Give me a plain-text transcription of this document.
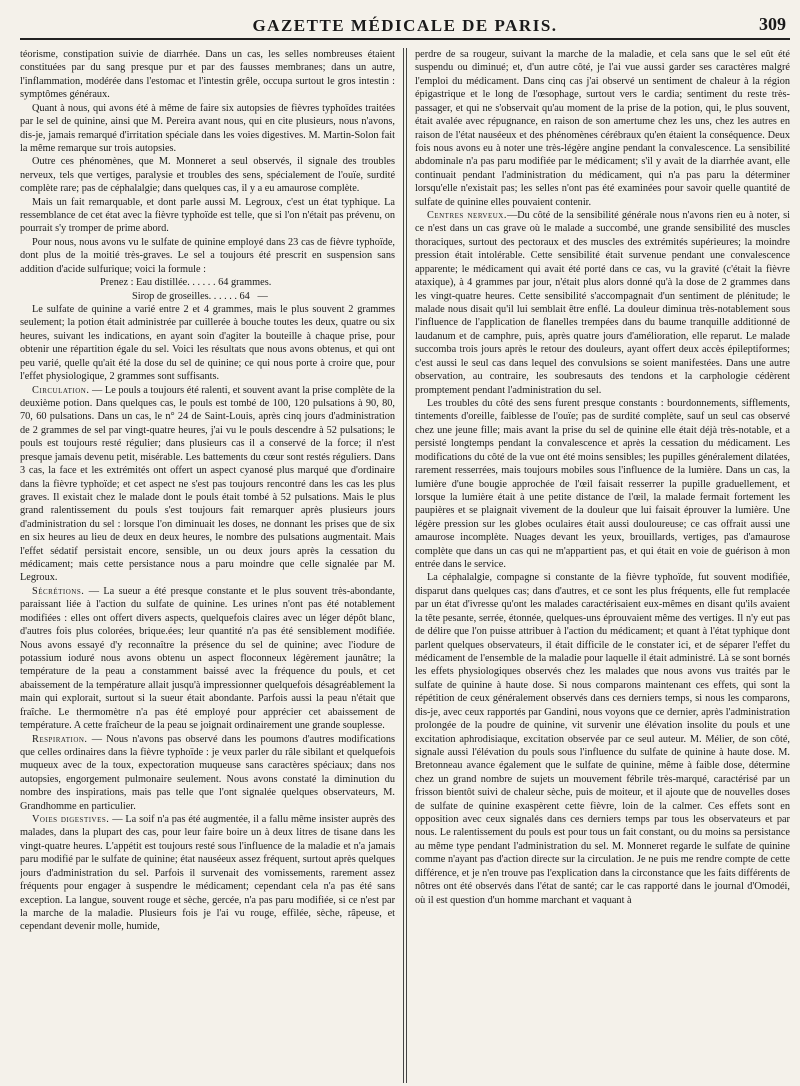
GAZETTE MÉDICALE DE PARIS.	309

téorisme, constipation suivie de diarrhée. Dans un cas, les selles nombreuses étaient constituées par du sang presque pur et par des fausses membranes; dans un autre, l'inflammation, modérée dans l'estomac et l'intestin grêle, occupa surtout le gros intestin : symptômes généraux.

Quant à nous, qui avons été à même de faire six autopsies de fièvres typhoïdes traitées par le sel de quinine, ainsi que M. Pereira avant nous, qui en cite plusieurs, nous n'avons, dis-je, jamais remarqué d'irritation spéciale dans les voies digestives. M. Martin-Solon fait la même remarque sur trois autopsies.

Outre ces phénomènes, que M. Monneret a seul observés, il signale des troubles nerveux, tels que vertiges, paralysie et troubles des sens, spécialement de l'ouïe, surdité complète rare; pas de céphalalgie; dans quelques cas, il y a eu amaurose complète.

Mais un fait remarquable, et dont parle aussi M. Legroux, c'est un état typhique. La ressemblance de cet état avec la fièvre typhoïde est telle, que si l'on n'était pas prévenu, on pourrait s'y tromper de prime abord.

Pour nous, nous avons vu le sulfate de quinine employé dans 23 cas de fièvre typhoïde, dont plus de la moitié très-graves. Le sel a toujours été prescrit en suspension sans addition d'acide sulfurique; voici la formule :

Prenez : Eau distillée. . . . . . 64 grammes.

Sirop de groseilles. . . . . . 64   —

Le sulfate de quinine a varié entre 2 et 4 grammes, mais le plus souvent 2 grammes seulement; la potion était administrée par cuillerée à bouche toutes les deux, quatre ou six heures, suivant les indications, en ayant soin d'agiter la bouteille à chaque prise, pour obtenir une répartition égale du sel. Voici les résultats que nous avons obtenus, et qui ont peu varié, quelle qu'ait été la dose du sel de quinine; ce qui nous porte à croire que, pour l'effet physiologique, 2 grammes sont suffisants.

Circulation. — Le pouls a toujours été ralenti, et souvent avant la prise complète de la deuxième potion. Dans quelques cas, le pouls est tombé de 100, 120 pulsations à 90, 80, 70, 60 pulsations. Dans un cas, le n° 24 de Saint-Louis, après cinq jours d'administration de 2 grammes de sel par vingt-quatre heures, j'ai vu le pouls descendre à 52 pulsations; le pouls est toujours resté régulier; dans plusieurs cas il a conservé de la force; il n'est presque jamais devenu petit, misérable. Les battements du cœur sont restés réguliers. Dans 3 cas, la face et les extrémités ont offert un aspect cyanosé plus marqué que d'ordinaire dans la fièvre typhoïde; et cet aspect ne s'est pas toujours rencontré dans les cas les plus graves. Il existait chez le malade dont le pouls était tombé à 52 pulsations. Mais le plus grand ralentissement du pouls s'est toujours fait remarquer après plusieurs jours d'administration du sel : lorsque l'on diminuait les doses, ne donnant les prises que de six en six heures au lieu de deux en deux heures, le nombre des pulsations augmentait. Mais l'effet sédatif persistait encore, sensible, un ou deux jours après la cessation du médicament; mais cette persistance nous a paru moindre que celle signalée par M. Legroux.

Sécrétions. — La sueur a été presque constante et le plus souvent très-abondante, paraissant liée à l'action du sulfate de quinine. Les urines n'ont pas été notablement modifiées : elles ont offert divers aspects, quelquefois claires avec un léger dépôt blanc, d'autres fois plus colorées, brique.ées; leur quantité n'a pas été sensiblement modifiée. Nous avons essayé d'y reconnaître la présence du sel de quinine; avec l'iodure de potassium ioduré nous avons obtenu un aspect floconneux légèrement jaunâtre; la température de la peau a constamment baissé avec la fréquence du pouls, et cet abaissement de la température allait jusqu'à impressionner quelquefois désagréablement la main qui explorait, surtout si la sueur était abondante. Parfois aussi la peau n'était que fraîche. Le thermomètre n'a pas été employé pour apprécier cet abaissement de température. A cette fraîcheur de la peau se joignait ordinairement une grande souplesse.

Respiration. — Nous n'avons pas observé dans les poumons d'autres modifications que celles ordinaires dans la fièvre typhoïde : je veux parler du râle sibilant et quelquefois muqueux avec de la toux, expectoration muqueuse sans caractères spéciaux; dans nos autopsies, engorgement pulmonaire seulement. Nous avons constaté la diminution du nombre des inspirations, mais pas telle que l'ont signalée quelques observateurs, M. Grandhomme en particulier.

Voies digestives. — La soif n'a pas été augmentée, il a fallu même insister auprès des malades, dans la plupart des cas, pour leur faire boire un à deux litres de tisane dans les vingt-quatre heures. L'appétit est toujours resté sous l'influence de la maladie et n'a jamais paru modifié par le sulfate de quinine; état nauséeux assez fréquent, surtout après quelques jours d'administration du sel. Parfois il survenait des vomissements, rarement assez fréquents pour engager à suspendre le médicament; cependant cela n'a pas été sans exception. La langue, souvent rouge et sèche, gercée, n'a pas paru modifiée, si ce n'est par la marche de la maladie. Plusieurs fois je l'ai vu rouge, effilée, sèche, râpeuse, et cependant devenir molle, humide,

perdre de sa rougeur, suivant la marche de la maladie, et cela sans que le sel eût été suspendu ou diminué; et, d'un autre côté, je l'ai vue aussi garder ses caractères malgré l'emploi du médicament. Dans cinq cas j'ai observé un sentiment de chaleur à la région épigastrique et le long de l'œsophage, surtout vers le cardia; sentiment du reste très-passager, et qui ne s'observait qu'au moment de la prise de la potion, qui, le plus souvent, était avalée avec répugnance, en raison de son amertume chez les uns, chez les autres en raison de l'état nauséeux et des phénomènes cérébraux qu'en étaient la conséquence. Deux fois nous avons eu à noter une très-légère angine pendant la convalescence. La sensibilité abdominale n'a pas paru modifiée par le médicament; s'il y avait de la diarrhée avant, elle continuait pendant l'administration du médicament, qui n'a pas paru la déterminer lorsqu'elle n'existait pas; les selles n'ont pas été examinées pour savoir quelle quantité de sulfate de quinine elles pouvaient contenir.

Centres nerveux.—Du côté de la sensibilité générale nous n'avons rien eu à noter, si ce n'est dans un cas grave où le malade a succombé, une grande sensibilité des muscles thoraciques, surtout des pectoraux et des muscles des extrémités supérieures; la moindre pression était intolérable. Cette sensibilité était survenue pendant une convalescence apparente; le médicament qui avait été porté dans ce cas, vu la gravité (c'était la fièvre ataxique), à 4 grammes par jour, n'était plus alors donné qu'à la dose de 2 grammes dans les vingt-quatre heures. Cette sensibilité s'accompagnait d'un sentiment de plénitude; le malade nous disait qu'il lui semblait être enflé. La douleur diminua très-notablement sous l'influence de l'application de flanelles trempées dans du baume tranquille additionné de laudanum et de camphre, puis, après quatre jours d'amélioration, elle reparut. Le malade succomba trois jours après le retour des douleurs, ayant offert deux accès épileptiformes; c'est aussi le seul cas dans lequel des convulsions se soient manifestées. Dans une autre observation, au contraire, les soubresauts des tendons et la carphologie cédèrent promptement pendant l'administration du sel.

Les troubles du côté des sens furent presque constants : bourdonnements, sifflements, tintements d'oreille, faiblesse de l'ouïe; pas de surdité complète, sauf un seul cas observé chez une jeune fille; mais avant la prise du sel de quinine elle était déjà très-notable, et a persisté longtemps pendant la convalescence et après la cessation du médicament. Les modifications du côté de la vue ont été moins sensibles; les pupilles généralement dilatées, rarement resserrées, mais toujours mobiles sous l'influence de la lumière. Dans un cas, la lumière d'une bougie approchée de l'œil faisait resserrer la pupille graduellement, et lorsque la lumière était à une petite distance de l'œil, la malade fermait fortement les paupières et se plaignait vivement de la douleur que lui faisait éprouver la lumière. Une légère pression sur les globes oculaires était aussi douloureuse; ce cas offrait aussi une amaurose incomplète. Nuages devant les yeux, brouillards, vertiges, pas d'amaurose complète que dans un cas qui ne m'appartient pas, et qui était en voie de guérison à mon entrée dans le service.

La céphalalgie, compagne si constante de la fièvre typhoïde, fut souvent modifiée, disparut dans quelques cas; dans d'autres, et ce sont les plus fréquents, elle fut remplacée par un état d'ivresse qu'ont les malades caractérisaient eux-mêmes en disant qu'ils avaient la tête pesante, serrée, étonnée, quelques-uns éprouvaient même des vertiges. Il n'y eut pas de délire que l'on puisse attribuer à l'action du médicament; et quant à l'état typhique dont parlent quelques observateurs, il était difficile de le constater ici, et de séparer l'effet du médicament de l'ensemble de la maladie pour laquelle il était administré. Là se sont bornés les effets physiologiques observés chez les malades que nous avons vus traités par le sulfate de quinine à haute dose. Si nous comparons maintenant ces effets, qui sont la répétition de ceux généralement observés dans ces derniers temps, si nous les comparons, dis-je, avec ceux rapportés par Gandini, nous voyons que ce dernier, après l'administration prolongée de la poudre de quinine, vit survenir une élévation insolite du pouls et une excitation aphrodisiaque, excitation observée par ce seul auteur. M. Mélier, de son côté, signale aussi l'élévation du pouls sous l'influence du sulfate de quinine à haute dose. M. Bretonneau avance également que le sulfate de quinine, même à faible dose, détermine chez un grand nombre de sujets un mouvement fébrile très-marqué, caractérisé par un frisson bientôt suivi de chaleur sèche, puis de moiteur, et il ajoute que de nouvelles doses de sulfate de quinine exaspèrent cette fièvre, loin de la calmer. Ces effets sont en opposition avec ceux signalés dans ces derniers temps par tous les observateurs et par nous. Le ralentissement du pouls est pour tous un fait constant, ou du moins sa persistance au même type pendant l'administration du sel. M. Monneret regarde le sulfate de quinine comme n'ayant pas d'action directe sur la circulation. Je ne puis me rendre compte de cette différence, et je n'en trouve pas l'explication dans la circonstance que les faits différents de nôtres ont été observés dans l'état de santé; car le cas rapporté dans le journal d'Omodéi, où il est question d'un homme marchant et vaquant à
